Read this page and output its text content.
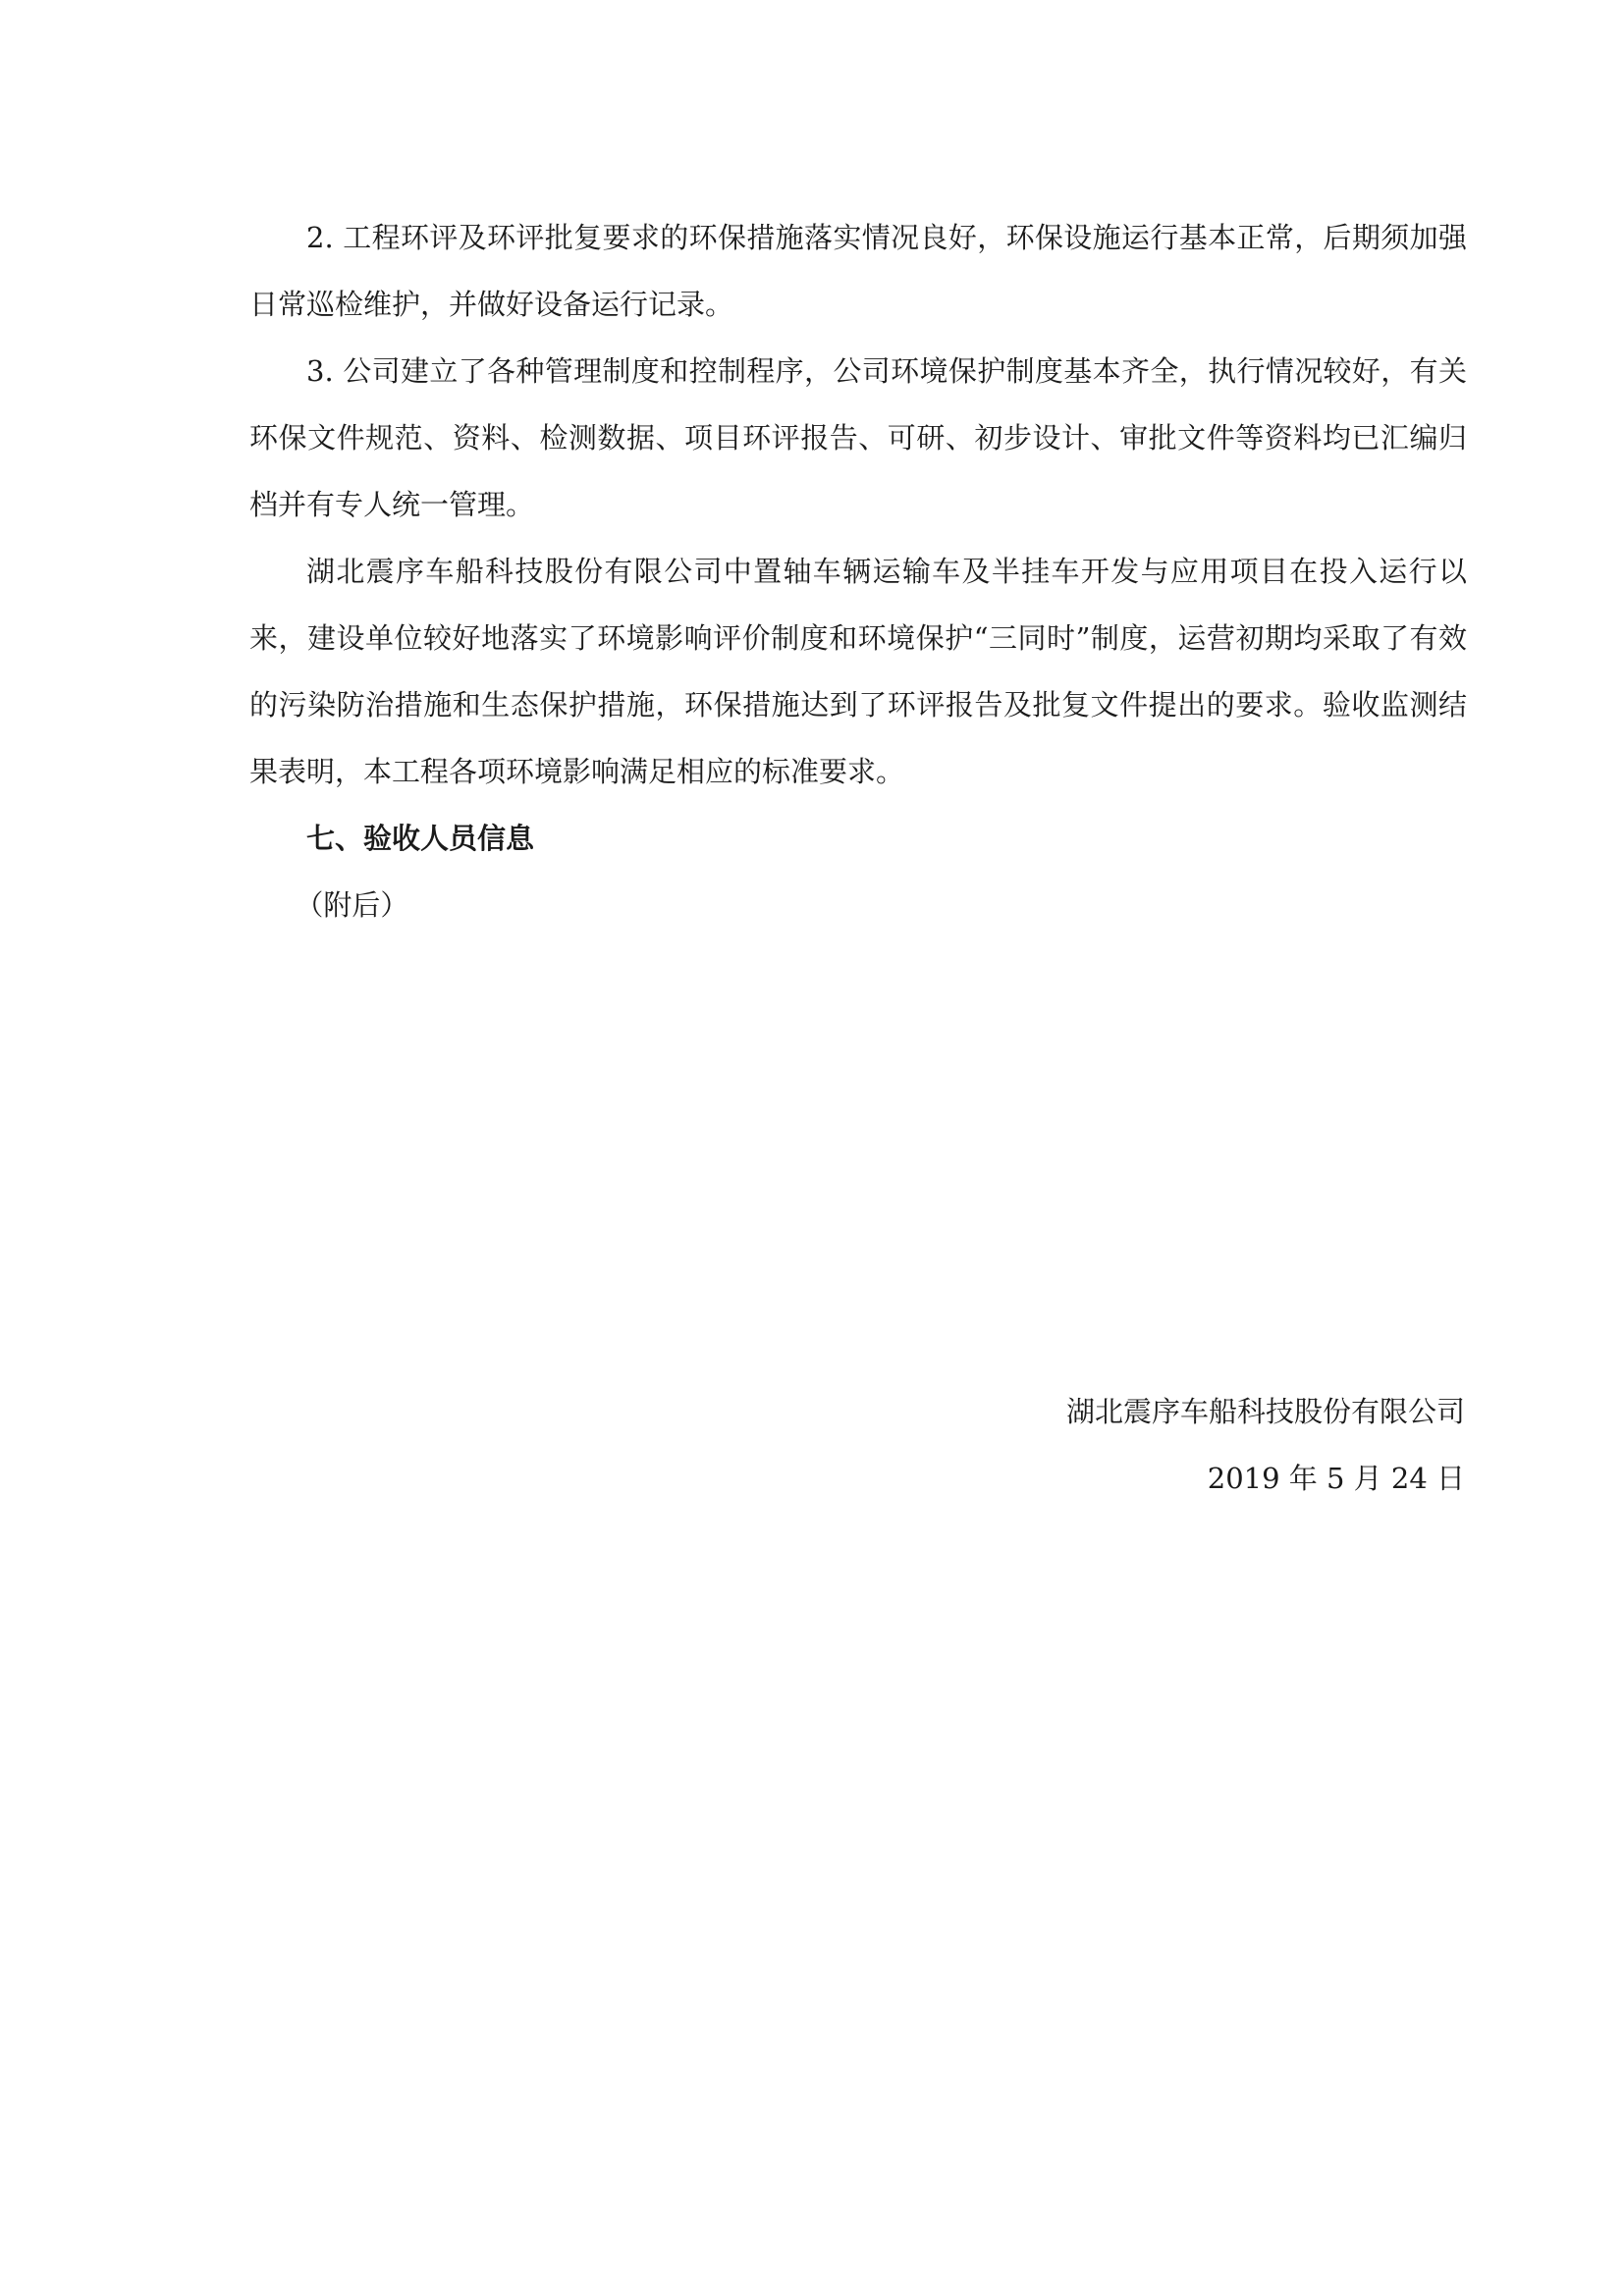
2. 工程环评及环评批复要求的环保措施落实情况良好，环保设施运行基本正常，后期须加强日常巡检维护，并做好设备运行记录。

3. 公司建立了各种管理制度和控制程序，公司环境保护制度基本齐全，执行情况较好，有关环保文件规范、资料、检测数据、项目环评报告、可研、初步设计、审批文件等资料均已汇编归档并有专人统一管理。

湖北震序车船科技股份有限公司中置轴车辆运输车及半挂车开发与应用项目在投入运行以来，建设单位较好地落实了环境影响评价制度和环境保护“三同时”制度，运营初期均采取了有效的污染防治措施和生态保护措施，环保措施达到了环评报告及批复文件提出的要求。验收监测结果表明，本工程各项环境影响满足相应的标准要求。

七、验收人员信息

（附后）

湖北震序车船科技股份有限公司
2019 年 5 月 24 日
